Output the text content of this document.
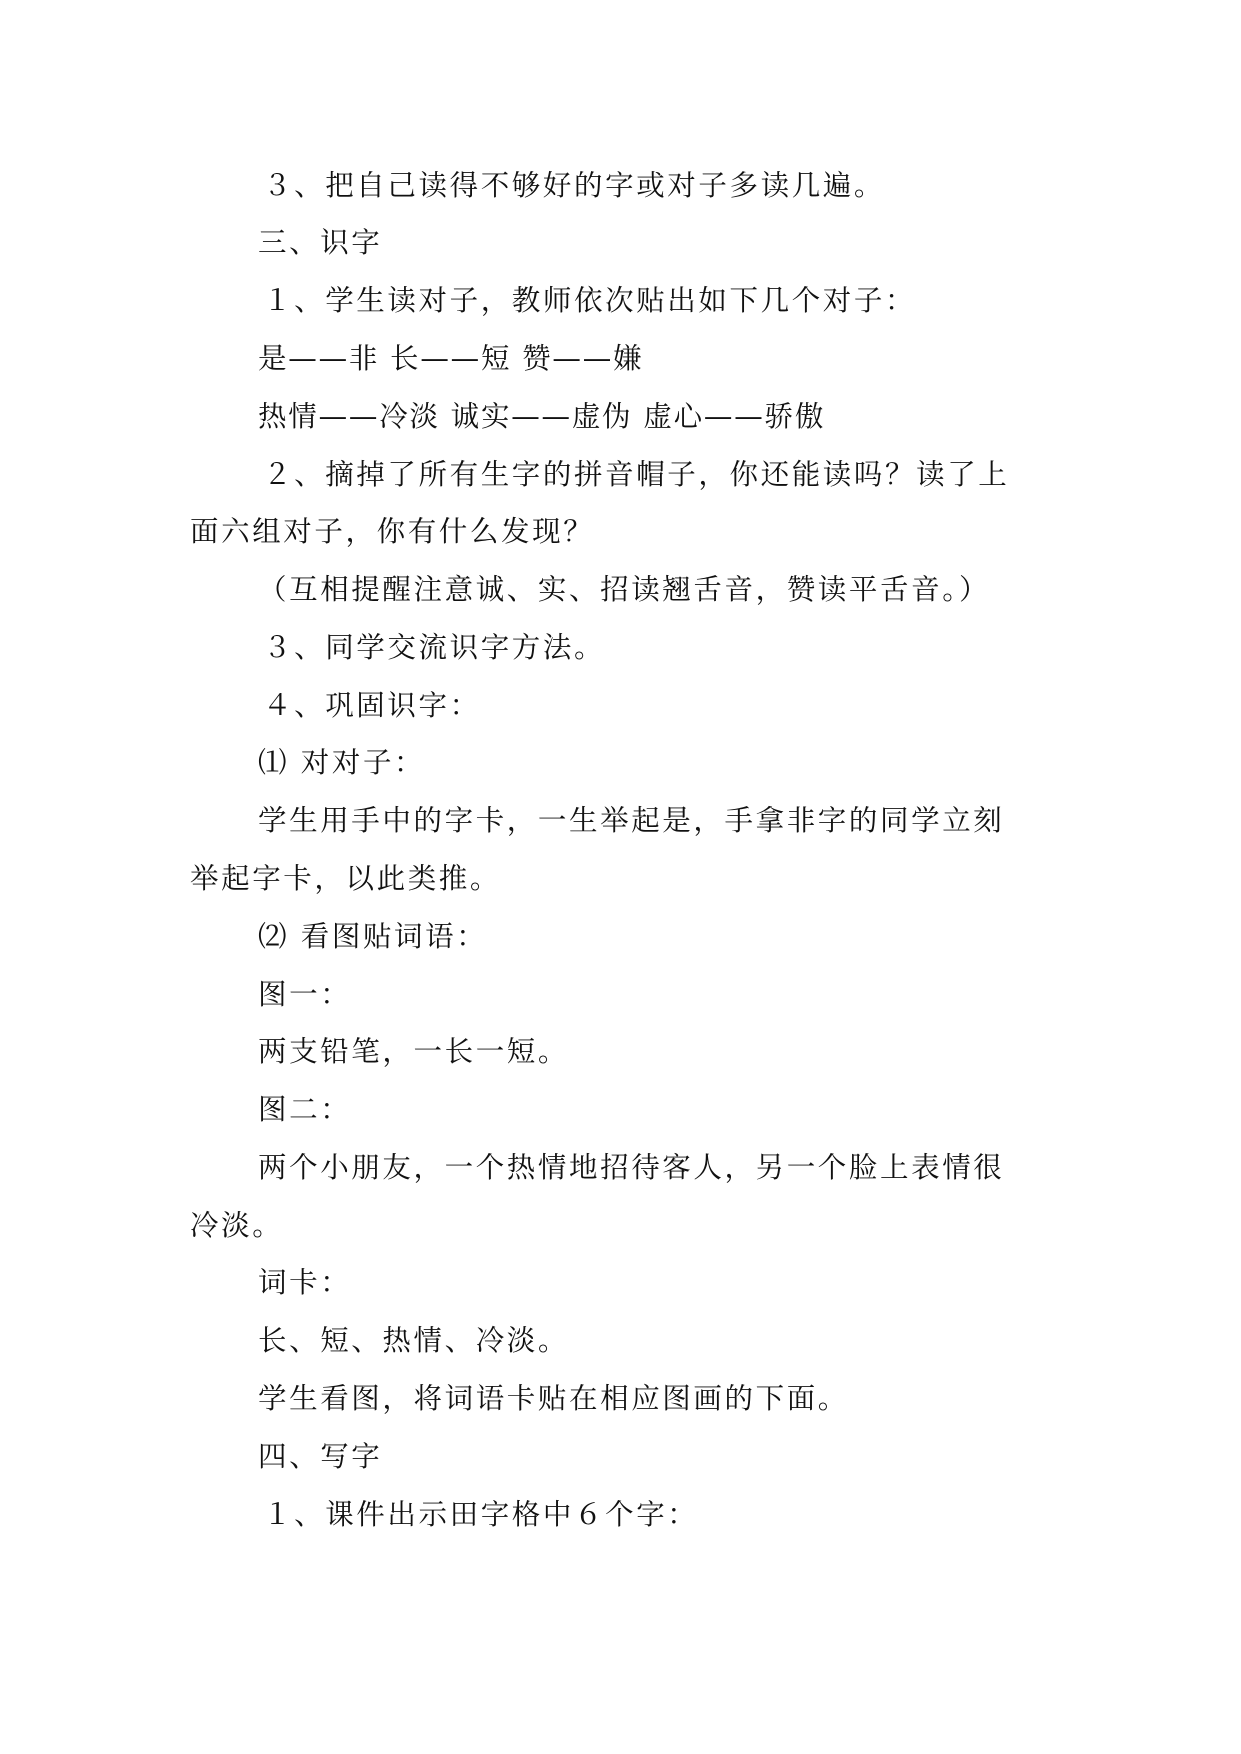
３、把自己读得不够好的字或对子多读几遍。
三、识字
１、学生读对子，教师依次贴出如下几个对子：
是——非 长——短 赞——嫌
热情——冷淡 诚实——虚伪 虚心——骄傲
２、摘掉了所有生字的拼音帽子，你还能读吗？读了上
面六组对子，你有什么发现？
（互相提醒注意诚、实、招读翘舌音，赞读平舌音。）
３、同学交流识字方法。
４、巩固识字：
⑴ 对对子：
学生用手中的字卡，一生举起是，手拿非字的同学立刻
举起字卡，以此类推。
⑵ 看图贴词语：
图一：
两支铅笔，一长一短。
图二：
两个小朋友，一个热情地招待客人，另一个脸上表情很
冷淡。
词卡：
长、短、热情、冷淡。
学生看图，将词语卡贴在相应图画的下面。
四、写字
１、课件出示田字格中６个字：
